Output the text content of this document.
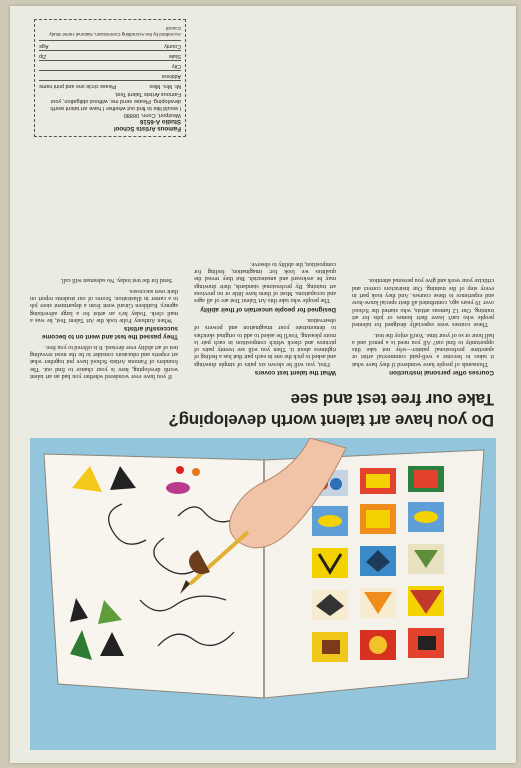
Do you have art talent worth developing?
Take our free test and see
Courses offer personal instruction

Thousands of people have wondered if they have what it takes to become a well-paid commercial artist or sparetime professional painter—why not take this opportunity to find out? All you need is a pencil and a half hour or so of your time. You'll enjoy the test.

These courses were especially designed for talented people who can't leave their homes or jobs for art training. Our 12 famous artists, who started the School over 19 years ago, contributed all their special know-how and experience to these courses. And they took part in every step of the training. Our instructors correct and criticize your work and give you personal attention.

What the talent test covers

First, you will be shown six pairs of simple drawings and asked to pick the one in each pair that has a feeling of rightness about it. Then you will see twenty pairs of pictures and check which composition in each pair is more pleasing. You'll be asked to add to original sketches to demonstrate your imagination and powers of observation.

Designed for people uncertain of their ability

The people who take this Art Talent Test are of all ages and occupations. Most of them have little or no previous art training. By professional standards, their drawings may be awkward and amateurish. But they reveal the qualities we look for: imagination, feeling for composition, the ability to observe.

If you have ever wondered whether you had an art talent worth developing, here is your chance to find out. The founders of Famous Artists School have put together what art experts and educators consider to be the most revealing test of art ability ever devised. It is offered to you free.

They passed the test and went on to become successful artists

When Anthony Folie took the Art Talent Test, he was a mail clerk. Today he's an artist for a large advertising agency. Kathleen Girard went from a department store job to a career in illustration. Scores of our students report on their own successes.

Send for the test today. No salesman will call.

Famous Artists School
Studio A-6516
Westport, Conn. 06880
I would like to find out whether I have art talent worth developing. Please send me, without obligation, your Famous Artists Talent Test.
Mr. Mrs. Miss
Please circle one and print name
Address
City
State
Zip
County
Age
Accredited by the Accrediting Commission, National Home Study Council
